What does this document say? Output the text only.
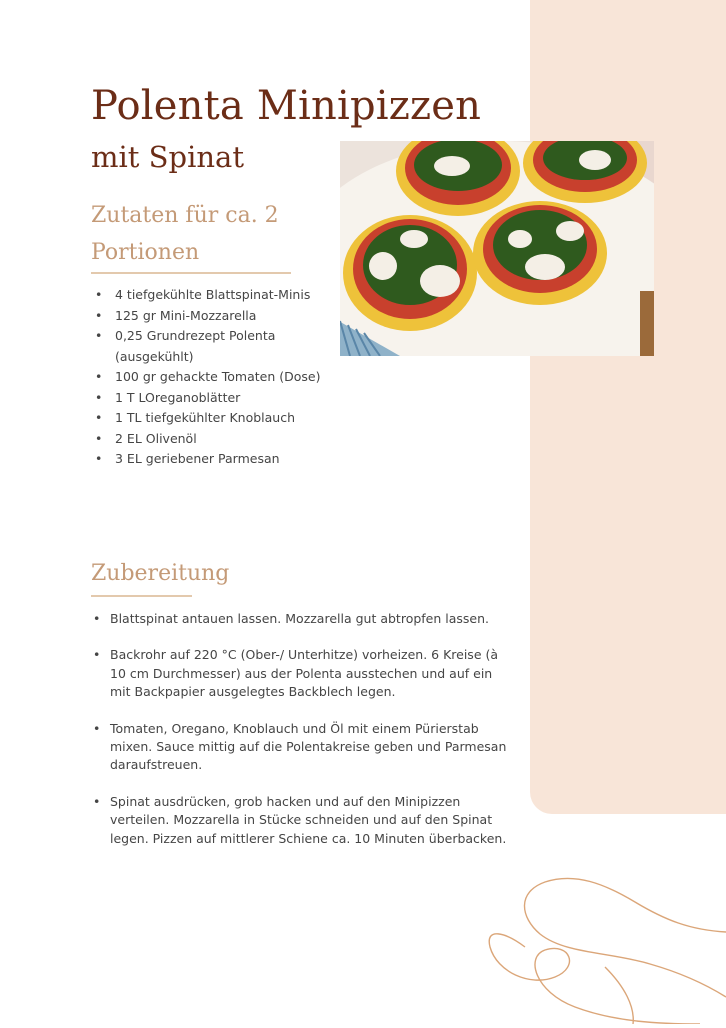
Polenta Minipizzen
mit Spinat
Zutaten für ca. 2 Portionen
• 4 tiefgekühlte Blattspinat-Minis
• 125 gr Mini-Mozzarella
• 0,25 Grundrezept Polenta
(ausgekühlt)
• 100 gr gehackte Tomaten (Dose)
• 1 T LOreganoblätter
• 1 TL tiefgekühlter Knoblauch
• 2 EL Olivenöl
• 3 EL geriebener Parmesan
Zubereitung
• Blattspinat antauen lassen. Mozzarella gut abtropfen lassen.
• Backrohr auf 220 °C (Ober-/ Unterhitze) vorheizen. 6 Kreise (à 10 cm Durchmesser) aus der Polenta ausstechen und auf ein mit Backpapier ausgelegtes Backblech legen.
• Tomaten, Oregano, Knoblauch und Öl mit einem Pürierstab mixen. Sauce mittig auf die Polentakreise geben und Parmesan daraufstreuen.
• Spinat ausdrücken, grob hacken und auf den Minipizzen verteilen. Mozzarella in Stücke schneiden und auf den Spinat legen. Pizzen auf mittlerer Schiene ca. 10 Minuten überbacken.
